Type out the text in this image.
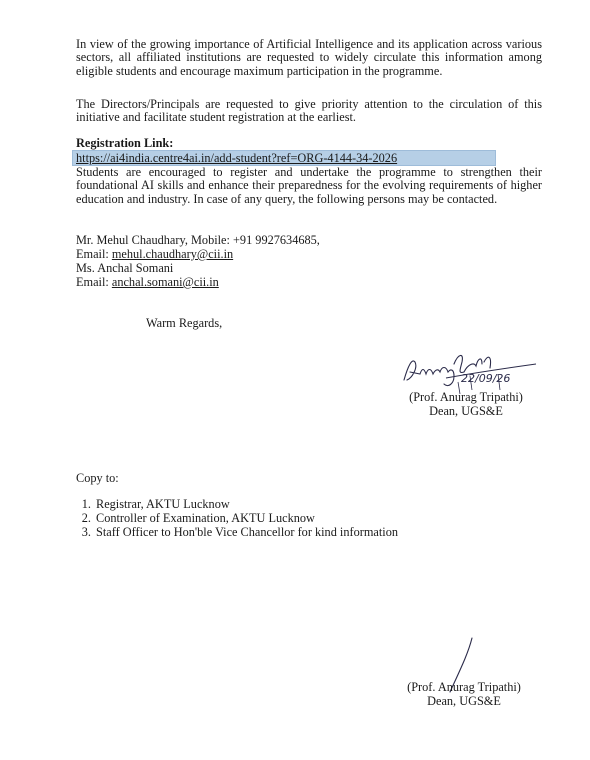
In view of the growing importance of Artificial Intelligence and its application across various sectors, all affiliated institutions are requested to widely circulate this information among eligible students and encourage maximum participation in the programme.

The Directors/Principals are requested to give priority attention to the circulation of this initiative and facilitate student registration at the earliest.

Registration Link:

https://ai4india.centre4ai.in/add-student?ref=ORG-4144-34-2026

Students are encouraged to register and undertake the programme to strengthen their foundational AI skills and enhance their preparedness for the evolving requirements of higher education and industry. In case of any query, the following persons may be contacted.

Mr. Mehul Chaudhary, Mobile: +91 9927634685,

Email: mehul.chaudhary@cii.in

Ms. Anchal Somani

Email: anchal.somani@cii.in

Warm Regards,

22/09/26
(Prof. Anurag Tripathi)
Dean, UGS&E

Copy to:

1. Registrar, AKTU Lucknow
2. Controller of Examination, AKTU Lucknow
3. Staff Officer to Hon'ble Vice Chancellor for kind information
(Prof. Anurag Tripathi)
Dean, UGS&E
